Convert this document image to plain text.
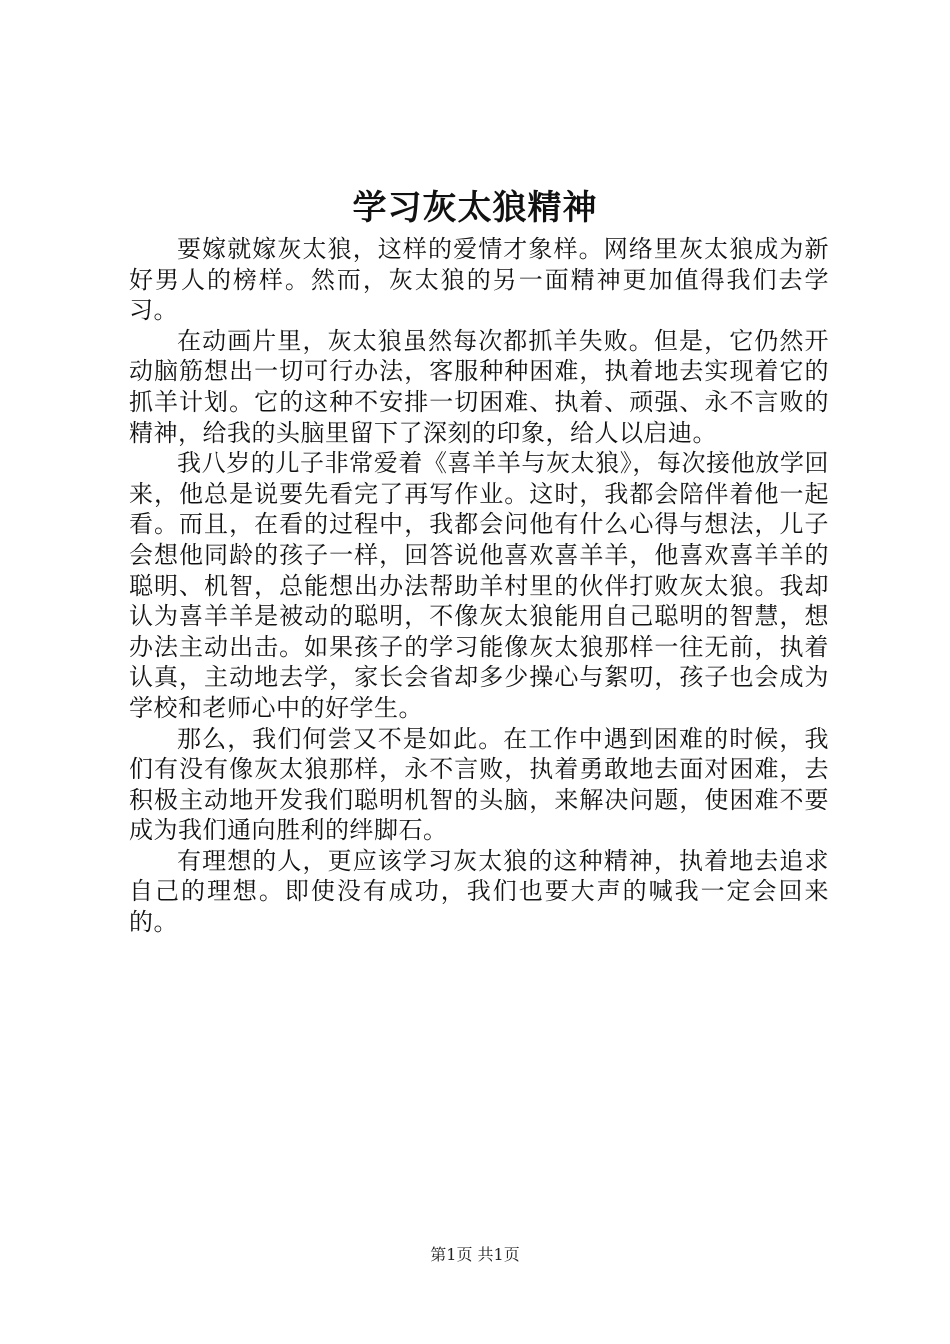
学习灰太狼精神

要嫁就嫁灰太狼，这样的爱情才象样。网络里灰太狼成为新好男人的榜样。然而，灰太狼的另一面精神更加值得我们去学习。

在动画片里，灰太狼虽然每次都抓羊失败。但是，它仍然开动脑筋想出一切可行办法，客服种种困难，执着地去实现着它的抓羊计划。它的这种不安排一切困难、执着、顽强、永不言败的精神，给我的头脑里留下了深刻的印象，给人以启迪。

我八岁的儿子非常爱着《喜羊羊与灰太狼》，每次接他放学回来，他总是说要先看完了再写作业。这时，我都会陪伴着他一起看。而且，在看的过程中，我都会问他有什么心得与想法，儿子会想他同龄的孩子一样，回答说他喜欢喜羊羊，他喜欢喜羊羊的聪明、机智，总能想出办法帮助羊村里的伙伴打败灰太狼。我却认为喜羊羊是被动的聪明，不像灰太狼能用自己聪明的智慧，想办法主动出击。如果孩子的学习能像灰太狼那样一往无前，执着认真，主动地去学，家长会省却多少操心与絮叨，孩子也会成为学校和老师心中的好学生。

那么，我们何尝又不是如此。在工作中遇到困难的时候，我们有没有像灰太狼那样，永不言败，执着勇敢地去面对困难，去积极主动地开发我们聪明机智的头脑，来解决问题，使困难不要成为我们通向胜利的绊脚石。

有理想的人，更应该学习灰太狼的这种精神，执着地去追求自己的理想。即使没有成功，我们也要大声的喊我一定会回来的。

第1页 共1页
